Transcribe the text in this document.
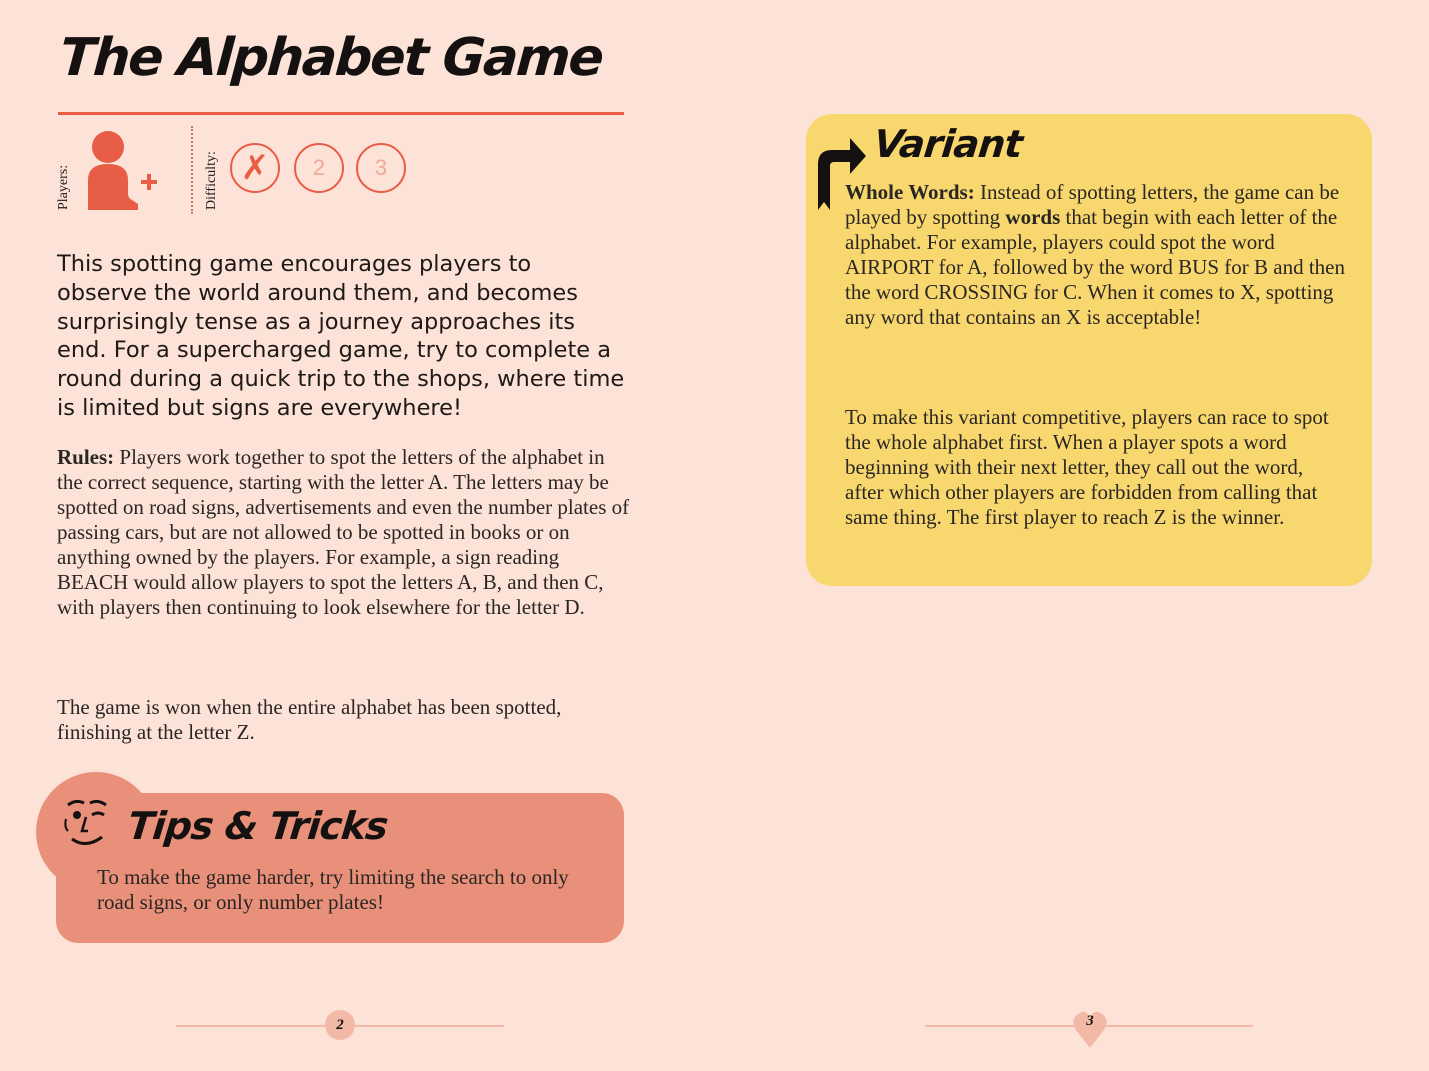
The Alphabet Game
Players:	Difficulty: ✗	2	3

This spotting game encourages players to observe the world around them, and becomes surprisingly tense as a journey approaches its end. For a supercharged game, try to complete a round during a quick trip to the shops, where time is limited but signs are everywhere!

Rules: Players work together to spot the letters of the alphabet in the correct sequence, starting with the letter A. The letters may be spotted on road signs, advertisements and even the number plates of passing cars, but are not allowed to be spotted in books or on anything owned by the players. For example, a sign reading BEACH would allow players to spot the letters A, B, and then C, with players then continuing to look elsewhere for the letter D.

The game is won when the entire alphabet has been spotted, finishing at the letter Z.

Tips & Tricks

To make the game harder, try limiting the search to only road signs, or only number plates!

Variant

Whole Words: Instead of spotting letters, the game can be played by spotting words that begin with each letter of the alphabet. For example, players could spot the word AIRPORT for A, followed by the word BUS for B and then the word CROSSING for C. When it comes to X, spotting any word that contains an X is acceptable!

To make this variant competitive, players can race to spot the whole alphabet first. When a player spots a word beginning with their next letter, they call out the word, after which other players are forbidden from calling that same thing. The first player to reach Z is the winner.

2	3
